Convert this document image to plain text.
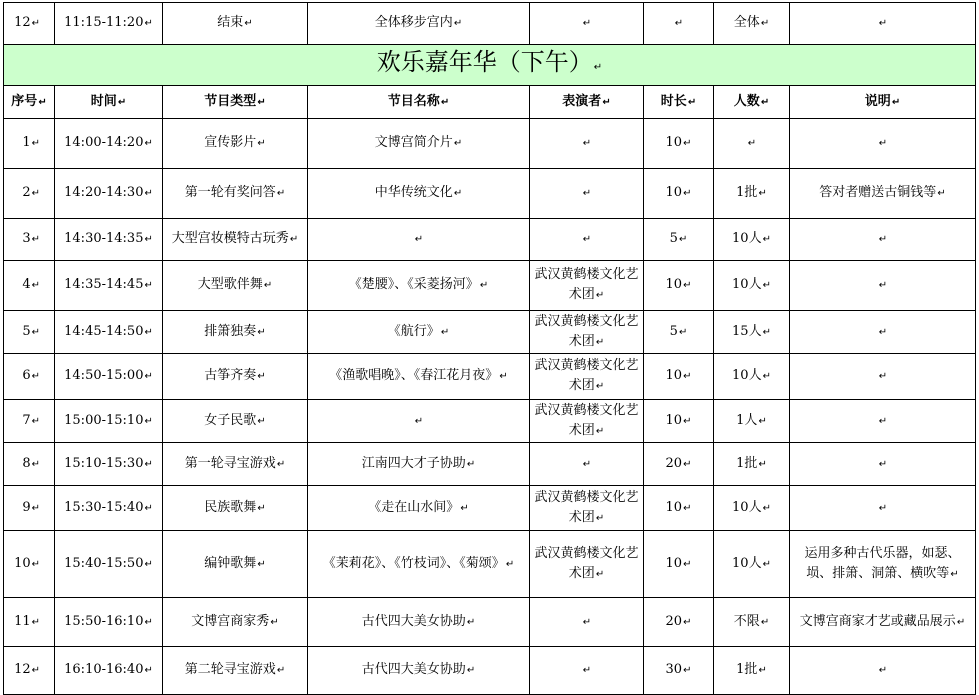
12↵	11:15-11:20↵	结束↵	全体移步宫内↵	↵	↵	全体↵	↵
欢乐嘉年华（下午）↵							
序号↵	时间↵	节目类型↵	节目名称↵	表演者↵	时长↵	人数↵	说明↵
1↵	14:00-14:20↵	宣传影片↵	文博宫简介片↵	↵	10↵	↵	↵
2↵	14:20-14:30↵	第一轮有奖问答↵	中华传统文化↵	↵	10↵	1批↵	答对者赠送古铜钱等↵
3↵	14:30-14:35↵	大型宫妆模特古玩秀↵	↵	↵	5↵	10人↵	↵
4↵	14:35-14:45↵	大型歌伴舞↵	《楚腰》、《采菱扬河》↵	武汉黄鹤楼文化艺术团↵	10↵	10人↵	↵
5↵	14:45-14:50↵	排箫独奏↵	《航行》↵	武汉黄鹤楼文化艺术团↵	5↵	15人↵	↵
6↵	14:50-15:00↵	古筝齐奏↵	《渔歌唱晚》、《春江花月夜》↵	武汉黄鹤楼文化艺术团↵	10↵	10人↵	↵
7↵	15:00-15:10↵	女子民歌↵	↵	武汉黄鹤楼文化艺术团↵	10↵	1人↵	↵
8↵	15:10-15:30↵	第一轮寻宝游戏↵	江南四大才子协助↵	↵	20↵	1批↵	↵
9↵	15:30-15:40↵	民族歌舞↵	《走在山水间》↵	武汉黄鹤楼文化艺术团↵	10↵	10人↵	↵
10↵	15:40-15:50↵	编钟歌舞↵	《茉莉花》、《竹枝词》、《菊颂》↵	武汉黄鹤楼文化艺术团↵	10↵	10人↵	运用多种古代乐器，如瑟、埙、排箫、洞箫、横吹等↵
11↵	15:50-16:10↵	文博宫商家秀↵	古代四大美女协助↵	↵	20↵	不限↵	文博宫商家才艺或藏品展示↵
12↵	16:10-16:40↵	第二轮寻宝游戏↵	古代四大美女协助↵	↵	30↵	1批↵	↵
